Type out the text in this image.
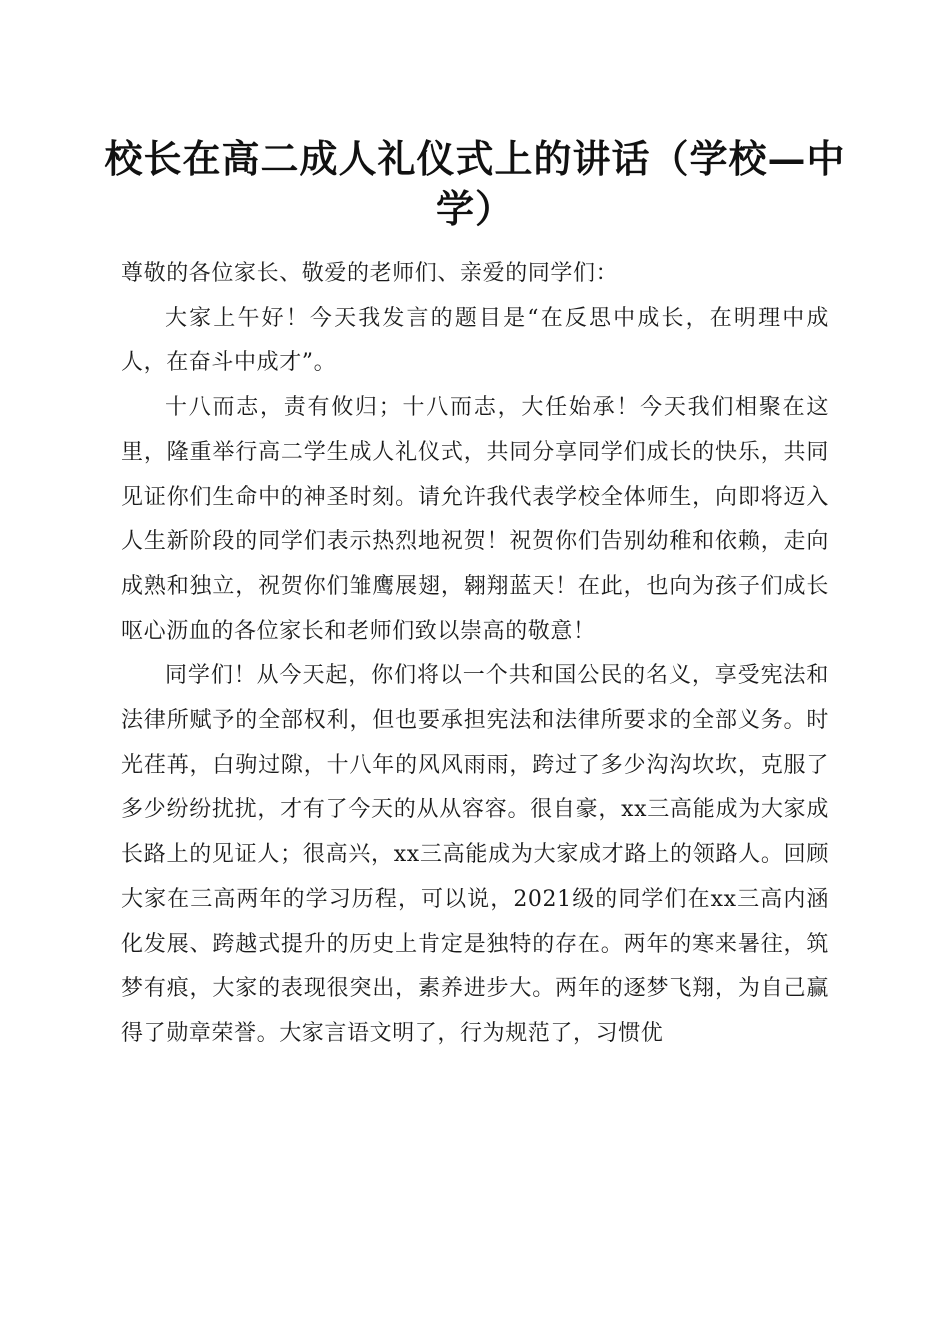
校长在高二成人礼仪式上的讲话（学校—中学）

尊敬的各位家长、敬爱的老师们、亲爱的同学们：

大家上午好！今天我发言的题目是“在反思中成长，在明理中成人，在奋斗中成才”。

十八而志，责有攸归；十八而志，大任始承！今天我们相聚在这里，隆重举行高二学生成人礼仪式，共同分享同学们成长的快乐，共同见证你们生命中的神圣时刻。请允许我代表学校全体师生，向即将迈入人生新阶段的同学们表示热烈地祝贺！祝贺你们告别幼稚和依赖，走向成熟和独立，祝贺你们雏鹰展翅，翱翔蓝天！在此，也向为孩子们成长呕心沥血的各位家长和老师们致以崇高的敬意！

同学们！从今天起，你们将以一个共和国公民的名义，享受宪法和法律所赋予的全部权利，但也要承担宪法和法律所要求的全部义务。时光荏苒，白驹过隙，十八年的风风雨雨，跨过了多少沟沟坎坎，克服了多少纷纷扰扰，才有了今天的从从容容。很自豪，xx三高能成为大家成长路上的见证人；很高兴，xx三高能成为大家成才路上的领路人。回顾大家在三高两年的学习历程，可以说，2021级的同学们在xx三高内涵化发展、跨越式提升的历史上肯定是独特的存在。两年的寒来暑往，筑梦有痕，大家的表现很突出，素养进步大。两年的逐梦飞翔，为自己赢得了勋章荣誉。大家言语文明了，行为规范了，习惯优
